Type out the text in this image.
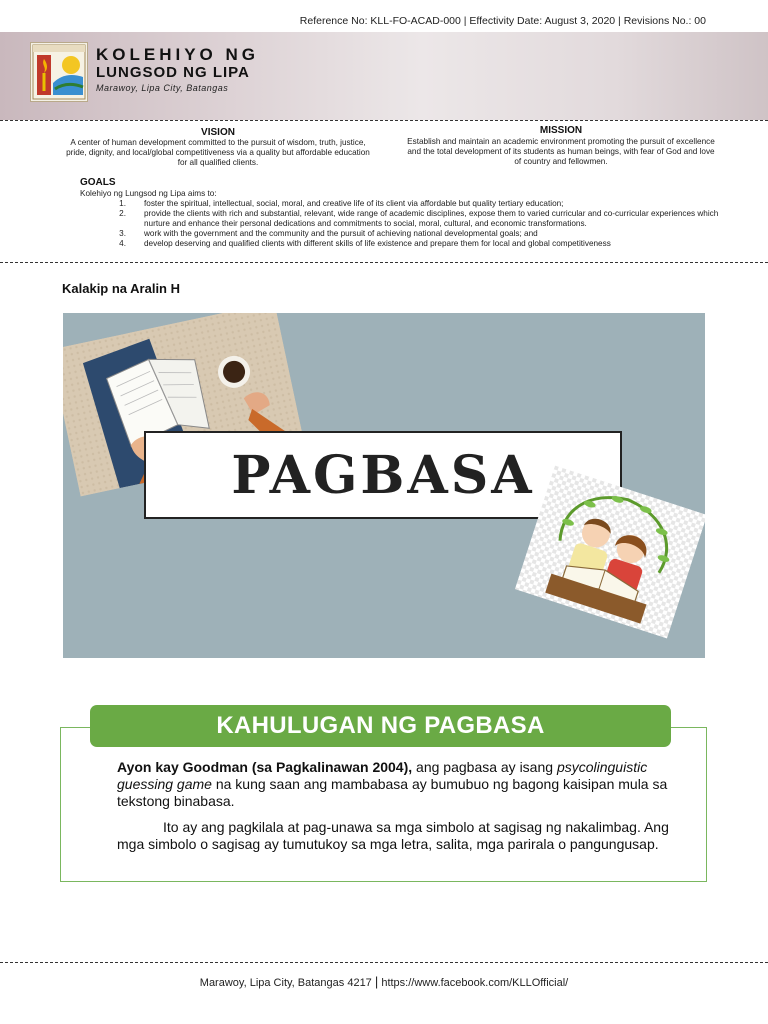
Reference No: KLL-FO-ACAD-000 | Effectivity Date: August 3, 2020 | Revisions No.: 00
KOLEHIYO NG
LUNGSOD NG LIPA
Marawoy, Lipa City, Batangas
VISION
A center of human development committed to the pursuit of wisdom, truth, justice, pride, dignity, and local/global competitiveness via a quality but affordable education for all qualified clients.
MISSION
Establish and maintain an academic environment promoting the pursuit of excellence and the total development of its students as human beings, with fear of God and love of country and fellowmen.
GOALS
Kolehiyo ng Lungsod ng Lipa aims to:
1.	foster the spiritual, intellectual, social, moral, and creative life of its client via affordable but quality tertiary education;
2.	provide the clients with rich and substantial, relevant, wide range of academic disciplines, expose them to varied curricular and co-curricular experiences which nurture and enhance their personal dedications and commitments to social, moral, cultural, and economic transformations.
3.	work with the government and the community and the pursuit of achieving national developmental goals; and
4.	develop deserving and qualified clients with different skills of life existence and prepare them for local and global competitiveness
Kalakip na Aralin H
PAGBASA
KAHULUGAN NG PAGBASA
Ayon kay Goodman (sa Pagkalinawan 2004), ang pagbasa ay isang psycolinguistic guessing game na kung saan ang mambabasa ay bumubuo ng bagong kaisipan mula sa tekstong binabasa.
Ito ay ang pagkilala at pag-unawa sa mga simbolo at sagisag ng nakalimbag. Ang mga simbolo o sagisag ay tumutukoy sa mga letra, salita, mga parirala o pangungusap.
Marawoy, Lipa City, Batangas 4217 | https://www.facebook.com/KLLOfficial/
